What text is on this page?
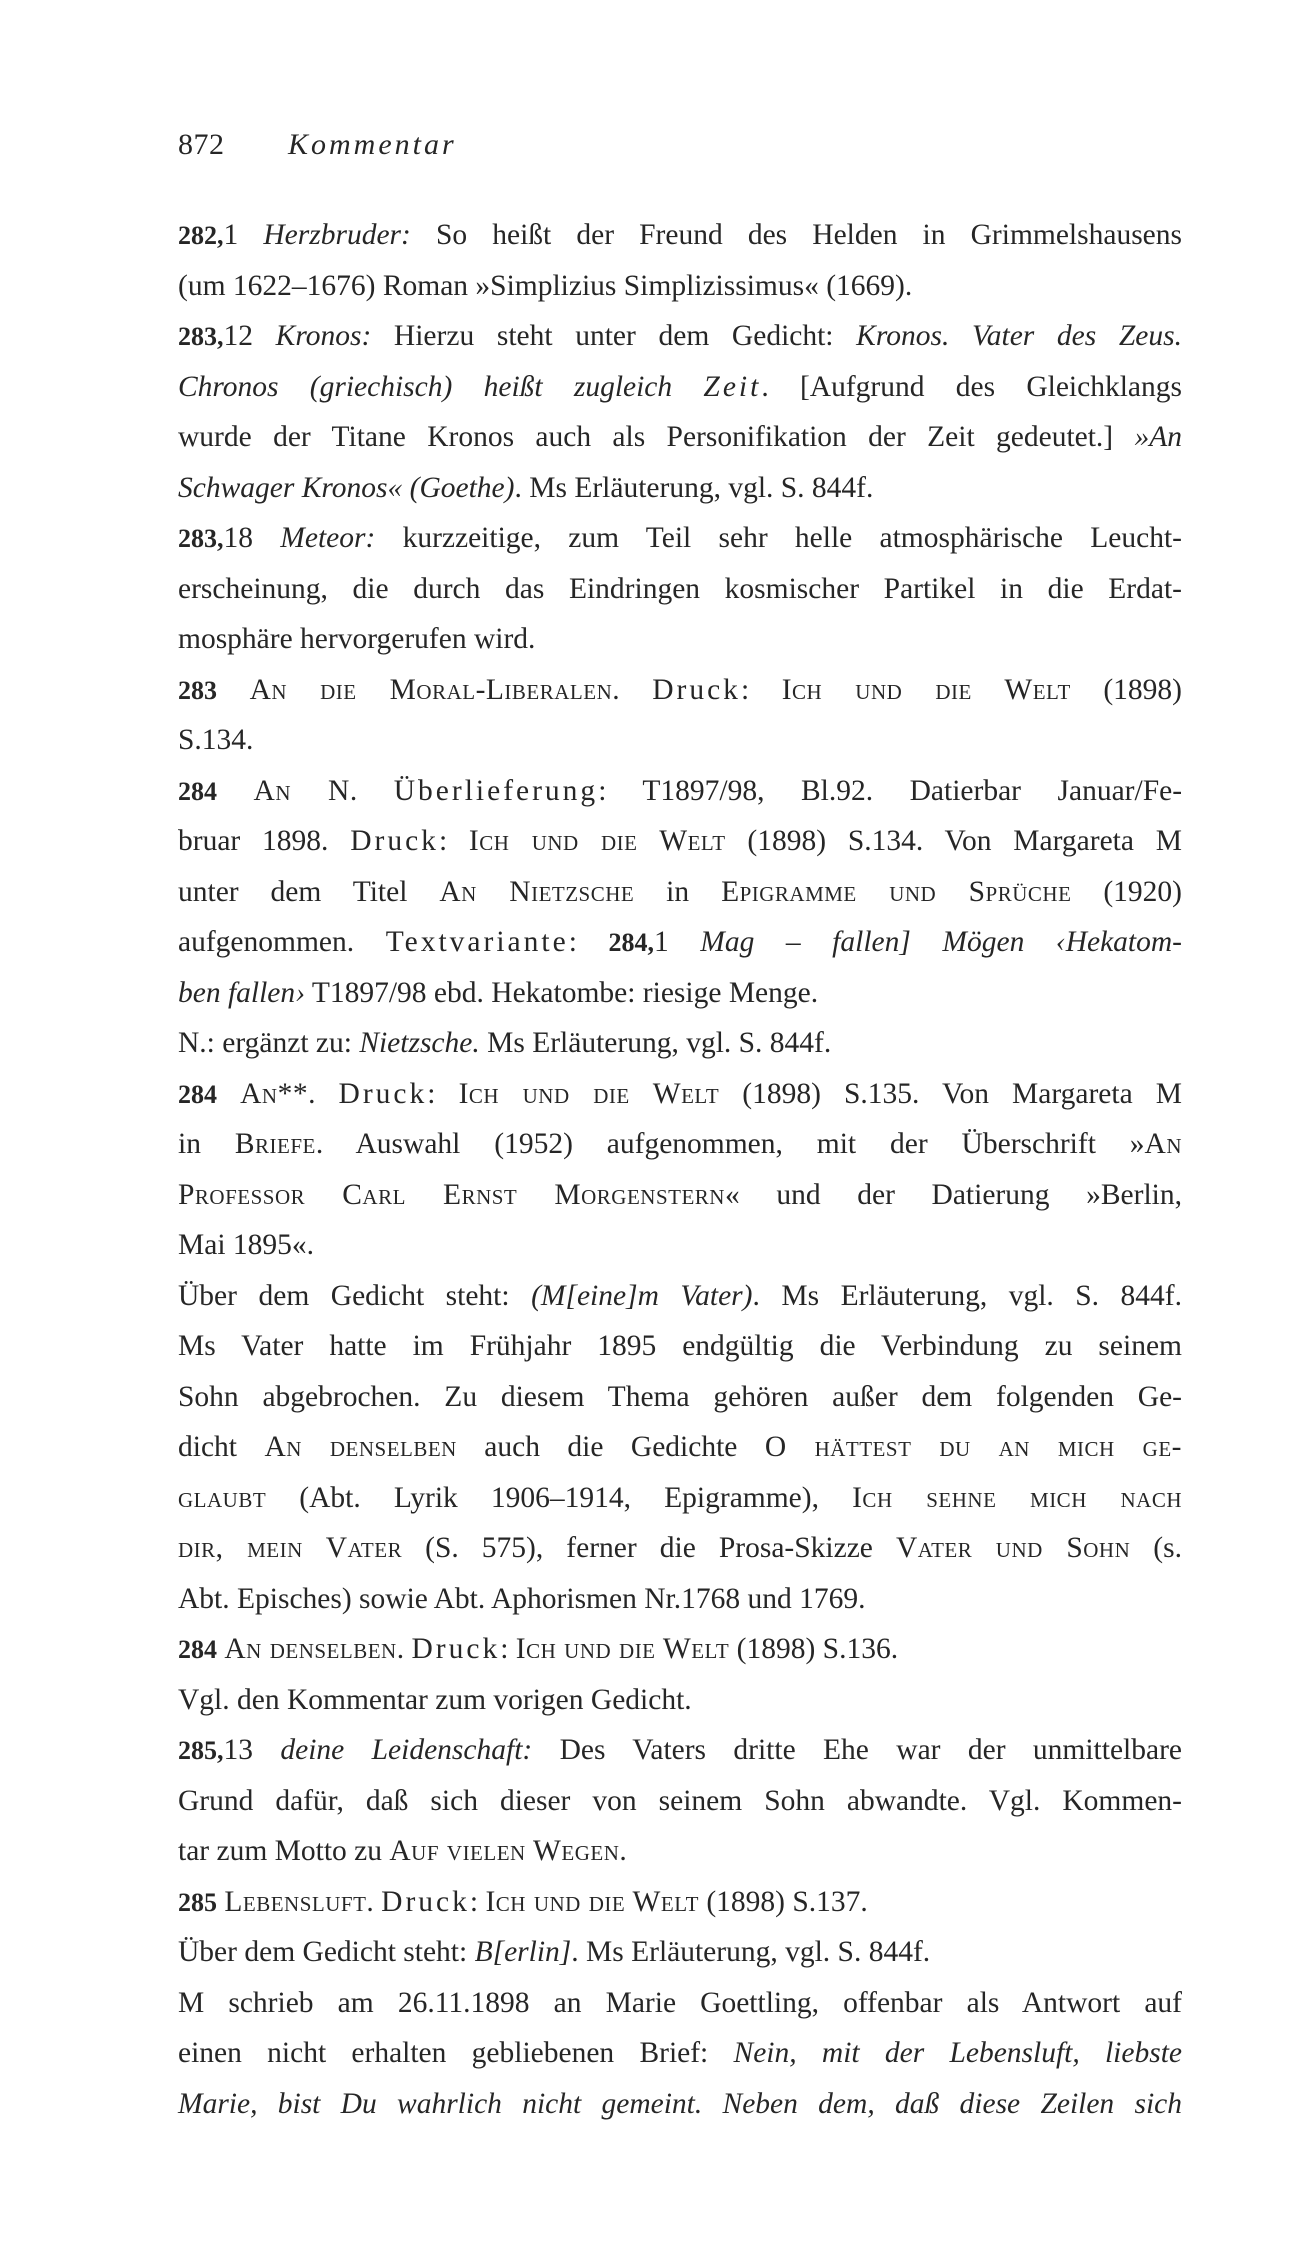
872 Kommentar
282,1 Herzbruder: So heißt der Freund des Helden in Grimmelshausens
(um 1622–1676) Roman »Simplizius Simplizissimus« (1669).
283,12 Kronos: Hierzu steht unter dem Gedicht: Kronos. Vater des Zeus.
Chronos (griechisch) heißt zugleich Zeit. [Aufgrund des Gleichklangs
wurde der Titane Kronos auch als Personifikation der Zeit gedeutet.] »An
Schwager Kronos« (Goethe). Ms Erläuterung, vgl. S. 844f.
283,18 Meteor: kurzzeitige, zum Teil sehr helle atmosphärische Leucht-
erscheinung, die durch das Eindringen kosmischer Partikel in die Erdat-
mosphäre hervorgerufen wird.
283 An die Moral-Liberalen. Druck: Ich und die Welt (1898)
S.134.
284 An N. Überlieferung: T1897/98, Bl.92. Datierbar Januar/Fe-
bruar 1898. Druck: Ich und die Welt (1898) S.134. Von Margareta M
unter dem Titel An Nietzsche in Epigramme und Sprüche (1920)
aufgenommen. Textvariante: 284,1 Mag – fallen] Mögen ‹Hekatom-
ben fallen› T1897/98 ebd. Hekatombe: riesige Menge.
N.: ergänzt zu: Nietzsche. Ms Erläuterung, vgl. S. 844f.
284 An**. Druck: Ich und die Welt (1898) S.135. Von Margareta M
in Briefe. Auswahl (1952) aufgenommen, mit der Überschrift »An
Professor Carl Ernst Morgenstern« und der Datierung »Berlin,
Mai 1895«.
Über dem Gedicht steht: (M[eine]m Vater). Ms Erläuterung, vgl. S. 844f.
Ms Vater hatte im Frühjahr 1895 endgültig die Verbindung zu seinem
Sohn abgebrochen. Zu diesem Thema gehören außer dem folgenden Ge-
dicht An denselben auch die Gedichte O hättest du an mich ge-
glaubt (Abt. Lyrik 1906–1914, Epigramme), Ich sehne mich nach
dir, mein Vater (S. 575), ferner die Prosa-Skizze Vater und Sohn (s.
Abt. Episches) sowie Abt. Aphorismen Nr.1768 und 1769.
284 An denselben. Druck: Ich und die Welt (1898) S.136.
Vgl. den Kommentar zum vorigen Gedicht.
285,13 deine Leidenschaft: Des Vaters dritte Ehe war der unmittelbare
Grund dafür, daß sich dieser von seinem Sohn abwandte. Vgl. Kommen-
tar zum Motto zu Auf vielen Wegen.
285 Lebensluft. Druck: Ich und die Welt (1898) S.137.
Über dem Gedicht steht: B[erlin]. Ms Erläuterung, vgl. S. 844f.
M schrieb am 26.11.1898 an Marie Goettling, offenbar als Antwort auf
einen nicht erhalten gebliebenen Brief: Nein, mit der Lebensluft, liebste
Marie, bist Du wahrlich nicht gemeint. Neben dem, daß diese Zeilen sich
